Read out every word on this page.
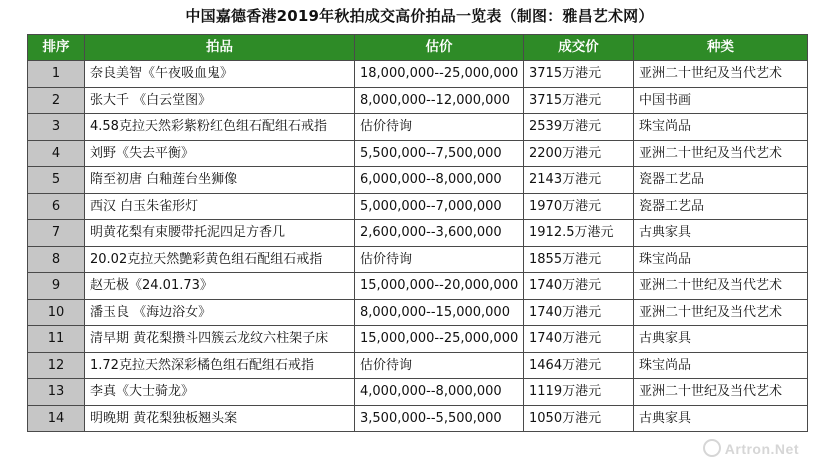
中国嘉德香港2019年秋拍成交高价拍品一览表（制图：雅昌艺术网）
排序	拍品	估价	成交价	种类
1	奈良美智《午夜吸血鬼》	18,000,000--25,000,000	3715万港元	亚洲二十世纪及当代艺术
2	张大千 《白云堂图》	8,000,000--12,000,000	3715万港元	中国书画
3	4.58克拉天然彩紫粉红色组石配组石戒指	估价待询	2539万港元	珠宝尚品
4	刘野《失去平衡》	5,500,000--7,500,000	2200万港元	亚洲二十世纪及当代艺术
5	隋至初唐 白釉莲台坐狮像	6,000,000--8,000,000	2143万港元	瓷器工艺品
6	西汉 白玉朱雀形灯	5,000,000--7,000,000	1970万港元	瓷器工艺品
7	明黄花梨有束腰带托泥四足方香几	2,600,000--3,600,000	1912.5万港元	古典家具
8	20.02克拉天然艶彩黄色组石配组石戒指	估价待询	1855万港元	珠宝尚品
9	赵无极《24.01.73》	15,000,000--20,000,000	1740万港元	亚洲二十世纪及当代艺术
10	潘玉良 《海边浴女》	8,000,000--15,000,000	1740万港元	亚洲二十世纪及当代艺术
11	清早期 黄花梨攒斗四簇云龙纹六柱架子床	15,000,000--25,000,000	1740万港元	古典家具
12	1.72克拉天然深彩橘色组石配组石戒指	估价待询	1464万港元	珠宝尚品
13	李真《大士骑龙》	4,000,000--8,000,000	1119万港元	亚洲二十世纪及当代艺术
14	明晚期 黄花梨独板翘头案	3,500,000--5,500,000	1050万港元	古典家具
Artron.Net
